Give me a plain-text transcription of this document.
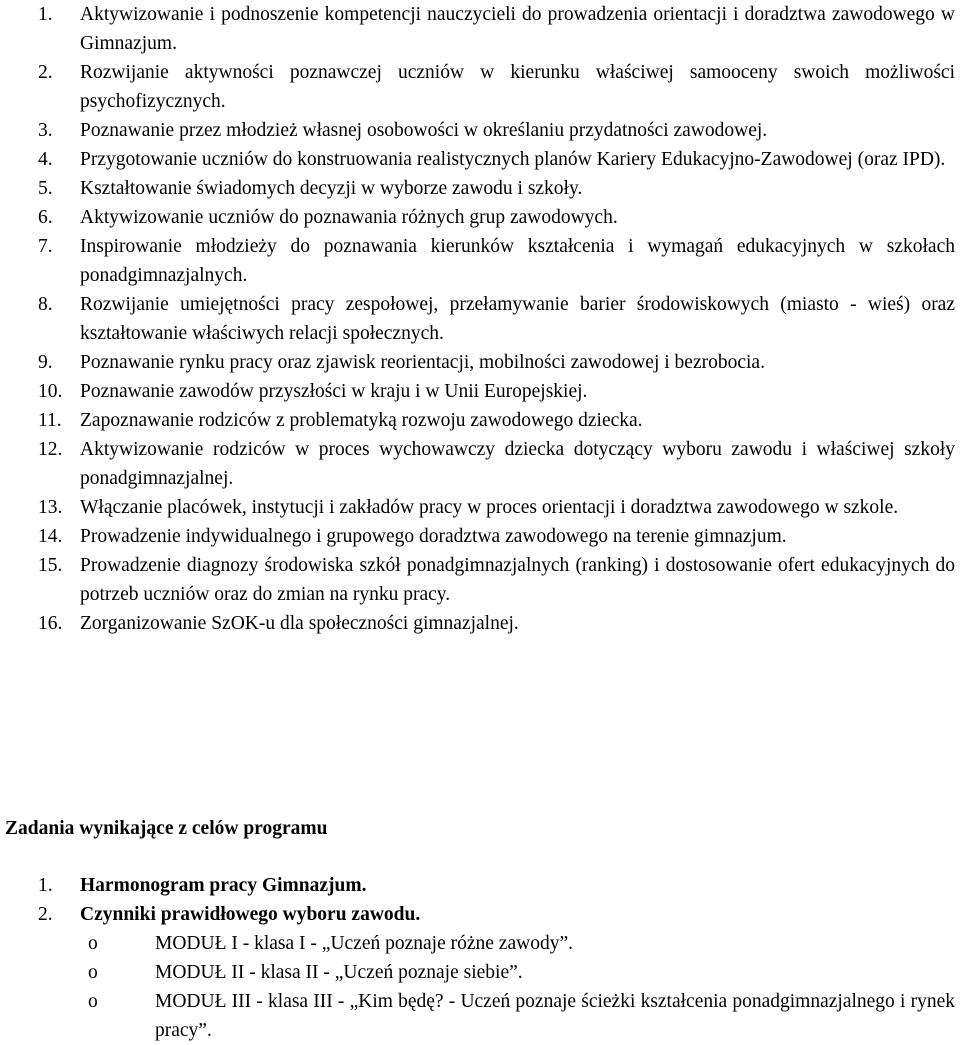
1.	Aktywizowanie i podnoszenie kompetencji nauczycieli do prowadzenia orientacji i doradztwa zawodowego w Gimnazjum.
2.	Rozwijanie aktywności poznawczej uczniów w kierunku właściwej samooceny swoich możliwości psychofizycznych.
3.	Poznawanie przez młodzież własnej osobowości w określaniu przydatności zawodowej.
4.	Przygotowanie uczniów do konstruowania realistycznych planów Kariery Edukacyjno-Zawodowej (oraz IPD).
5.	Kształtowanie świadomych decyzji w wyborze zawodu i szkoły.
6.	Aktywizowanie uczniów do poznawania różnych grup zawodowych.
7.	Inspirowanie młodzieży do poznawania kierunków kształcenia i wymagań edukacyjnych w szkołach ponadgimnazjalnych.
8.	Rozwijanie umiejętności pracy zespołowej, przełamywanie barier środowiskowych (miasto - wieś) oraz kształtowanie właściwych relacji społecznych.
9.	Poznawanie rynku pracy oraz zjawisk reorientacji, mobilności zawodowej i bezrobocia.
10. Poznawanie zawodów przyszłości w kraju i w Unii Europejskiej.
11. Zapoznawanie rodziców z problematyką rozwoju zawodowego dziecka.
12. Aktywizowanie rodziców w proces wychowawczy dziecka dotyczący wyboru zawodu i właściwej szkoły ponadgimnazjalnej.
13. Włączanie placówek, instytucji i zakładów pracy w proces orientacji i doradztwa zawodowego w szkole.
14. Prowadzenie indywidualnego i grupowego doradztwa zawodowego na terenie gimnazjum.
15. Prowadzenie diagnozy środowiska szkół ponadgimnazjalnych (ranking) i dostosowanie ofert edukacyjnych do potrzeb uczniów oraz do zmian na rynku pracy.
16. Zorganizowanie SzOK-u dla społeczności gimnazjalnej.
Zadania wynikające z celów programu
1.	Harmonogram pracy Gimnazjum.
2.	Czynniki prawidłowego wyboru zawodu.
o	MODUŁ I - klasa I - „Uczeń poznaje różne zawody”.
o	MODUŁ II - klasa II - „Uczeń poznaje siebie”.
o	MODUŁ III - klasa III - „Kim będę? - Uczeń poznaje ścieżki kształcenia ponadgimnazjalnego i rynek pracy”.
